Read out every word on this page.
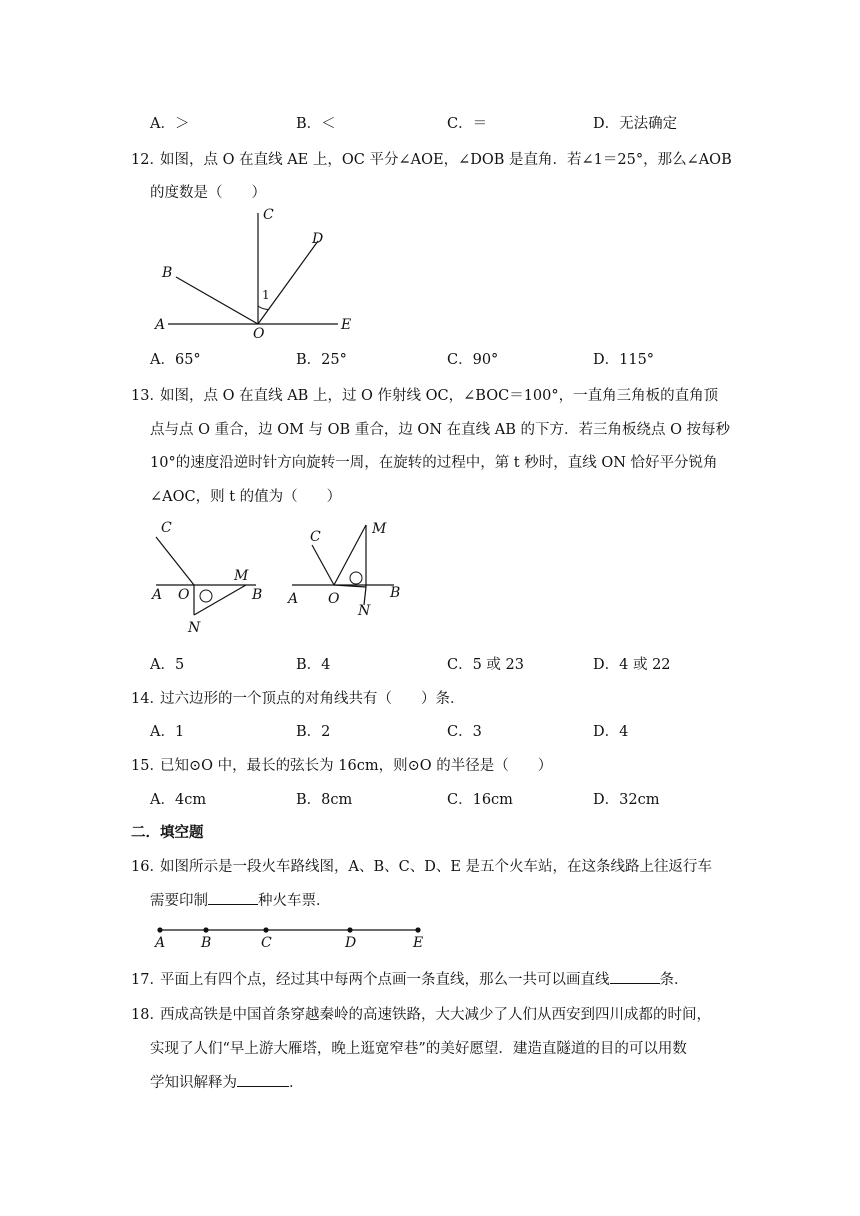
A．＞	B．＜	C．＝	D．无法确定
12．
如图，点 O 在直线 AE 上，OC 平分∠AOE，∠DOB 是直角．若∠1＝25°，那么∠AOB
的度数是（　　）
A
B
C
D
E
O
1
A．65°	B．25°	C．90°	D．115°
13．
如图，点 O 在直线 AB 上，过 O 作射线 OC，∠BOC＝100°，一直角三角板的直角顶
点与点 O 重合，边 OM 与 OB 重合，边 ON 在直线 AB 的下方．若三角板绕点 O 按每秒
10°的速度沿逆时针方向旋转一周，在旋转的过程中，第 t 秒时，直线 ON 恰好平分锐角
∠AOC，则 t 的值为（　　）
C
A O
M
B
N
C	M
A O
N
B
A．5	B．4	C．5 或 23	D．4 或 22
14．
过六边形的一个顶点的对角线共有（　　）条．
A．1	B．2	C．3	D．4
15．
已知⊙O 中，最长的弦长为 16cm，则⊙O 的半径是（　　）
A．4cm	B．8cm	C．16cm	D．32cm
二．填空题
16．
如图所示是一段火车路线图，A、B、C、D、E 是五个火车站，在这条线路上往返行车
需要印制	种火车票．
A	B	C	D	E
17．
平面上有四个点，经过其中每两个点画一条直线，那么一共可以画直线	条．
18．
西成高铁是中国首条穿越秦岭的高速铁路，大大减少了人们从西安到四川成都的时间，
实现了人们“早上游大雁塔，晚上逛宽窄巷”的美好愿望．建造直隧道的目的可以用数
学知识解释为	．
